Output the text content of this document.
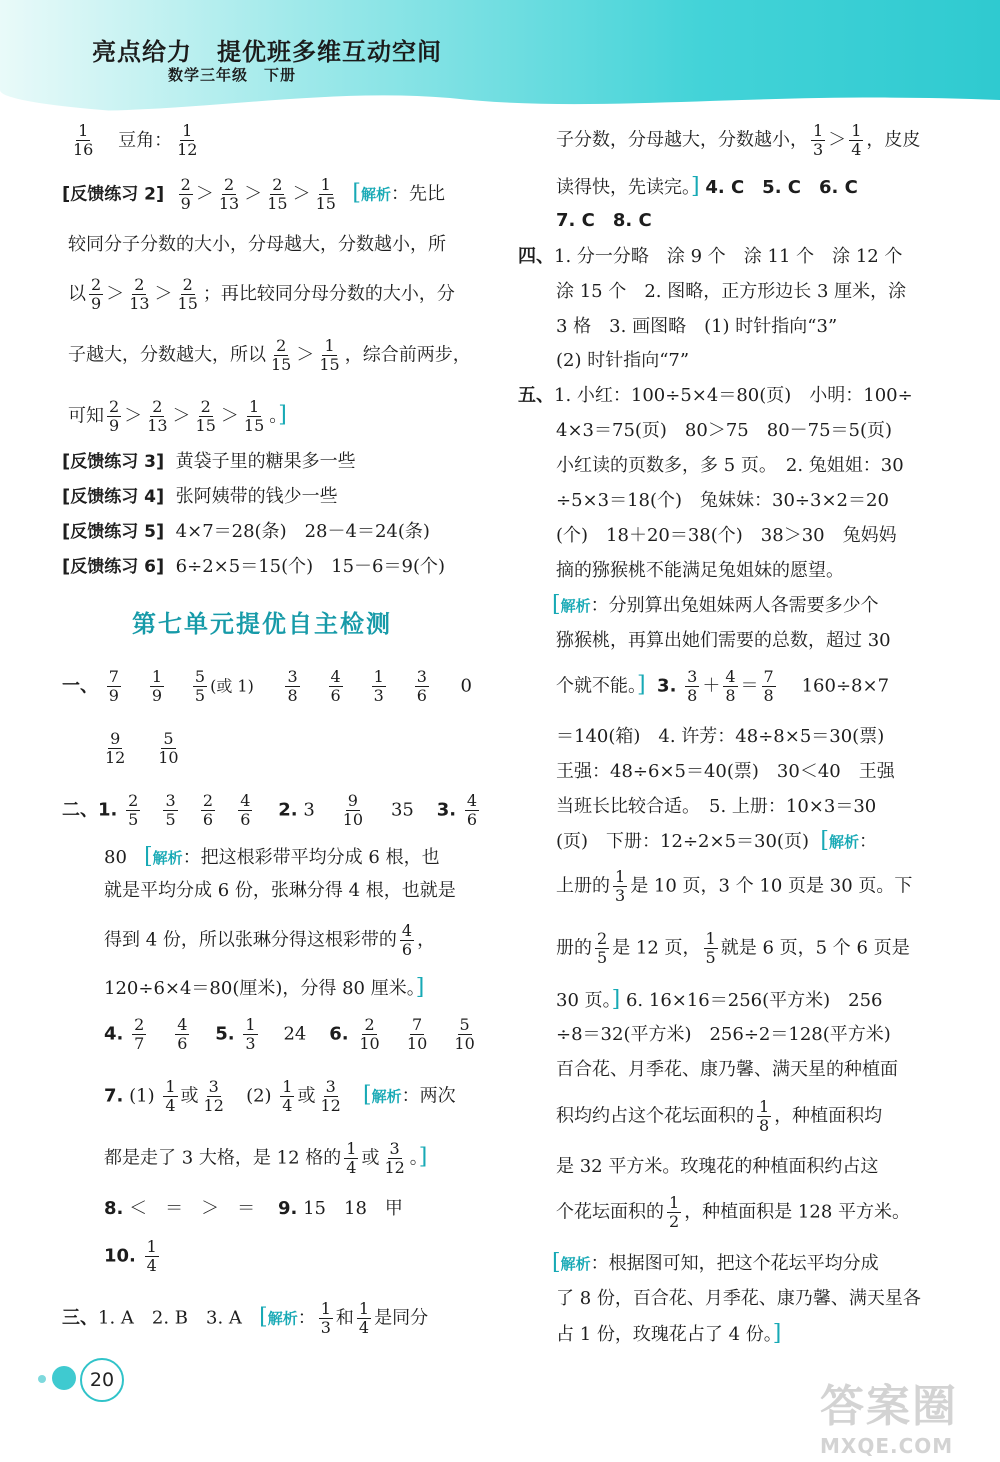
亮点给力　提优班多维互动空间
数学三年级　下册
$\frac{1}{16}$ 豆角： $\frac{1}{12}$
[反馈练习 $2] \frac{2}{9} > \frac{2}{13} > \frac{2}{15} > \frac{1}{15}$ [解析：先比
较同分子分数的大小，分母越大，分数越小，所
以 $\frac{2}{9} > \frac{2}{13} > \frac{2}{15}$ ；再比较同分母分数的大小，分
子越大，分数越大，所以 $\frac{2}{15} > \frac{1}{15}$ ，综合前两步，
可知 $\frac{2}{9} > \frac{2}{13} > \frac{2}{15} > \frac{1}{15}$ 。]
[反馈练习 3] 黄袋子里的糖果多一些
[反馈练习 4] 张阿姨带的钱少一些
[反馈练习 5] 4×7＝28(条)　28－4＝24(条)
[反馈练习 6] 6÷2×5＝15(个)　15－6＝9(个)
第七单元提优自主检测
一、 $\frac{7}{9}$
$\frac{1}{9}$
$\frac{5}{5}$ (或 $1) \frac{3}{8}$
$\frac{4}{6}$
$\frac{1}{3}$
$\frac{3}{6} 0$
$\frac{9}{12}$
$\frac{5}{10}$
二、1. $\frac{2}{5}$
$\frac{3}{5}$
$\frac{2}{6}$
$\frac{4}{6} 2$. $3 \frac{9}{10} 35$ 3. $\frac{4}{6}$
80 [解析：把这根彩带平均分成 6 根，也
就是平均分成 6 份，张琳分得 4 根，也就是
得到 4 份，所以张琳分得这根彩带的 $\frac{4}{6}$ ，
120÷6×4＝80(厘米)，分得 80 厘米。]
4. $\frac{2}{7}$
$\frac{4}{6} 5$. $\frac{1}{3} 24$ 6. $\frac{2}{10}$
$\frac{7}{10}$
$\frac{5}{10}$
7. $(1) \frac{1}{4}$ 或 $\frac{3}{12} (2) \frac{1}{4}$ 或 $\frac{3}{12}$ [解析：两次
都是走了 3 大格，是 12 格的 $\frac{1}{4}$ 或 $\frac{3}{12}$ 。]
8. ＜　＝　＞　＝ 9. 15　18　甲
10. $\frac{1}{4}$
三、1. A　2. B　3. A [解析： $\frac{1}{3}$ 和 $\frac{1}{4}$ 是同分
子分数，分母越大，分数越小， $\frac{1}{3} > \frac{1}{4}$ ，皮皮
读得快，先读完。] 4. C　5. C　6. C
7. C　8. C
四、1. 分一分略　涂 9 个　涂 11 个　涂 12 个
涂 15 个　2. 图略，正方形边长 3 厘米，涂
3 格　3. 画图略　(1) 时针指向“3”
(2) 时针指向“7”
五、1. 小红：100÷5×4＝80(页)　小明：100÷
4×3＝75(页)　80＞75　80－75＝5(页)
小红读的页数多，多 5 页。　2. 兔姐姐：30
÷5×3＝18(个)　兔妹妹：30÷3×2＝20
(个)　18＋20＝38(个)　38＞30　兔妈妈
摘的猕猴桃不能满足兔姐妹的愿望。
[解析：分别算出兔姐妹两人各需要多少个
猕猴桃，再算出她们需要的总数，超过 30
个就不能。] 3. $\frac{3}{8} + \frac{4}{8} = \frac{7}{8} 160\div 8\times 7$
＝140(箱)　4. 许芳：48÷8×5＝30(票)
王强：48÷6×5＝40(票)　30＜40　王强
当班长比较合适。　5. 上册：10×3＝30
(页)　下册：12÷2×5＝30(页) [解析：
上册的 $\frac{1}{3}$ 是 10 页，3 个 10 页是 30 页。下
册的 $\frac{2}{5}$ 是 12 页， $\frac{1}{5}$ 就是 6 页，5 个 6 页是
30 页。] 6. 16×16＝256(平方米)　256
÷8＝32(平方米)　256÷2＝128(平方米)
百合花、月季花、康乃馨、满天星的种植面
积均约占这个花坛面积的 $\frac{1}{8}$ ，种植面积均
是 32 平方米。玫瑰花的种植面积约占这
个花坛面积的 $\frac{1}{2}$ ，种植面积是 128 平方米。
[解析：根据图可知，把这个花坛平均分成
了 8 份，百合花、月季花、康乃馨、满天星各
占 1 份，玫瑰花占了 4 份。]
20
答案圈
MXQE.COM
